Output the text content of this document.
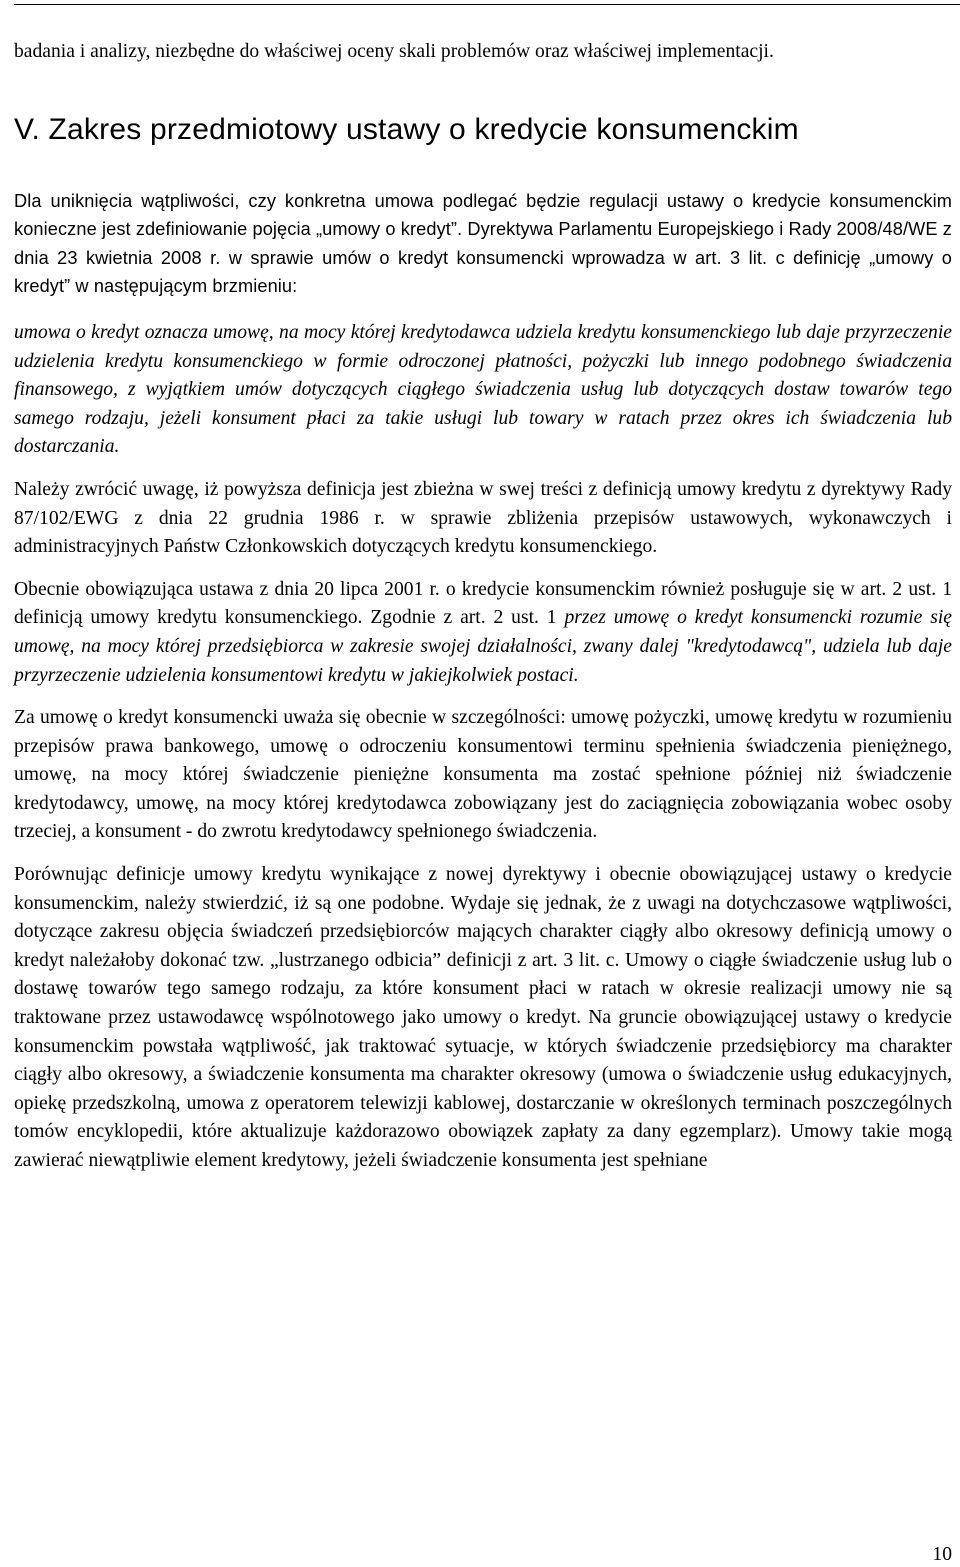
badania i analizy, niezbędne do właściwej oceny skali problemów oraz właściwej implementacji.

V. Zakres przedmiotowy ustawy o kredycie konsumenckim

Dla uniknięcia wątpliwości, czy konkretna umowa podlegać będzie regulacji ustawy o kredycie konsumenckim konieczne jest zdefiniowanie pojęcia „umowy o kredyt”. Dyrektywa Parlamentu Europejskiego i Rady 2008/48/WE z dnia 23 kwietnia 2008 r. w sprawie umów o kredyt konsumencki wprowadza w art. 3 lit. c definicję „umowy o kredyt” w następującym brzmieniu:

umowa o kredyt oznacza umowę, na mocy której kredytodawca udziela kredytu konsumenckiego lub daje przyrzeczenie udzielenia kredytu konsumenckiego w formie odroczonej płatności, pożyczki lub innego podobnego świadczenia finansowego, z wyjątkiem umów dotyczących ciągłego świadczenia usług lub dotyczących dostaw towarów tego samego rodzaju, jeżeli konsument płaci za takie usługi lub towary w ratach przez okres ich świadczenia lub dostarczania.

Należy zwrócić uwagę, iż powyższa definicja jest zbieżna w swej treści z definicją umowy kredytu z dyrektywy Rady 87/102/EWG z dnia 22 grudnia 1986 r. w sprawie zbliżenia przepisów ustawowych, wykonawczych i administracyjnych Państw Członkowskich dotyczących kredytu konsumenckiego.

Obecnie obowiązująca ustawa z dnia 20 lipca 2001 r. o kredycie konsumenckim również posługuje się w art. 2 ust. 1 definicją umowy kredytu konsumenckiego. Zgodnie z art. 2 ust. 1 przez umowę o kredyt konsumencki rozumie się umowę, na mocy której przedsiębiorca w zakresie swojej działalności, zwany dalej "kredytodawcą", udziela lub daje przyrzeczenie udzielenia konsumentowi kredytu w jakiejkolwiek postaci.

Za umowę o kredyt konsumencki uważa się obecnie w szczególności: umowę pożyczki, umowę kredytu w rozumieniu przepisów prawa bankowego, umowę o odroczeniu konsumentowi terminu spełnienia świadczenia pieniężnego, umowę, na mocy której świadczenie pieniężne konsumenta ma zostać spełnione później niż świadczenie kredytodawcy, umowę, na mocy której kredytodawca zobowiązany jest do zaciągnięcia zobowiązania wobec osoby trzeciej, a konsument - do zwrotu kredytodawcy spełnionego świadczenia.

Porównując definicje umowy kredytu wynikające z nowej dyrektywy i obecnie obowiązującej ustawy o kredycie konsumenckim, należy stwierdzić, iż są one podobne. Wydaje się jednak, że z uwagi na dotychczasowe wątpliwości, dotyczące zakresu objęcia świadczeń przedsiębiorców mających charakter ciągły albo okresowy definicją umowy o kredyt należałoby dokonać tzw. „lustrzanego odbicia” definicji z art. 3 lit. c. Umowy o ciągłe świadczenie usług lub o dostawę towarów tego samego rodzaju, za które konsument płaci w ratach w okresie realizacji umowy nie są traktowane przez ustawodawcę wspólnotowego jako umowy o kredyt. Na gruncie obowiązującej ustawy o kredycie konsumenckim powstała wątpliwość, jak traktować sytuacje, w których świadczenie przedsiębiorcy ma charakter ciągły albo okresowy, a świadczenie konsumenta ma charakter okresowy (umowa o świadczenie usług edukacyjnych, opiekę przedszkolną, umowa z operatorem telewizji kablowej, dostarczanie w określonych terminach poszczególnych tomów encyklopedii, które aktualizuje każdorazowo obowiązek zapłaty za dany egzemplarz). Umowy takie mogą zawierać niewątpliwie element kredytowy, jeżeli świadczenie konsumenta jest spełniane

10
